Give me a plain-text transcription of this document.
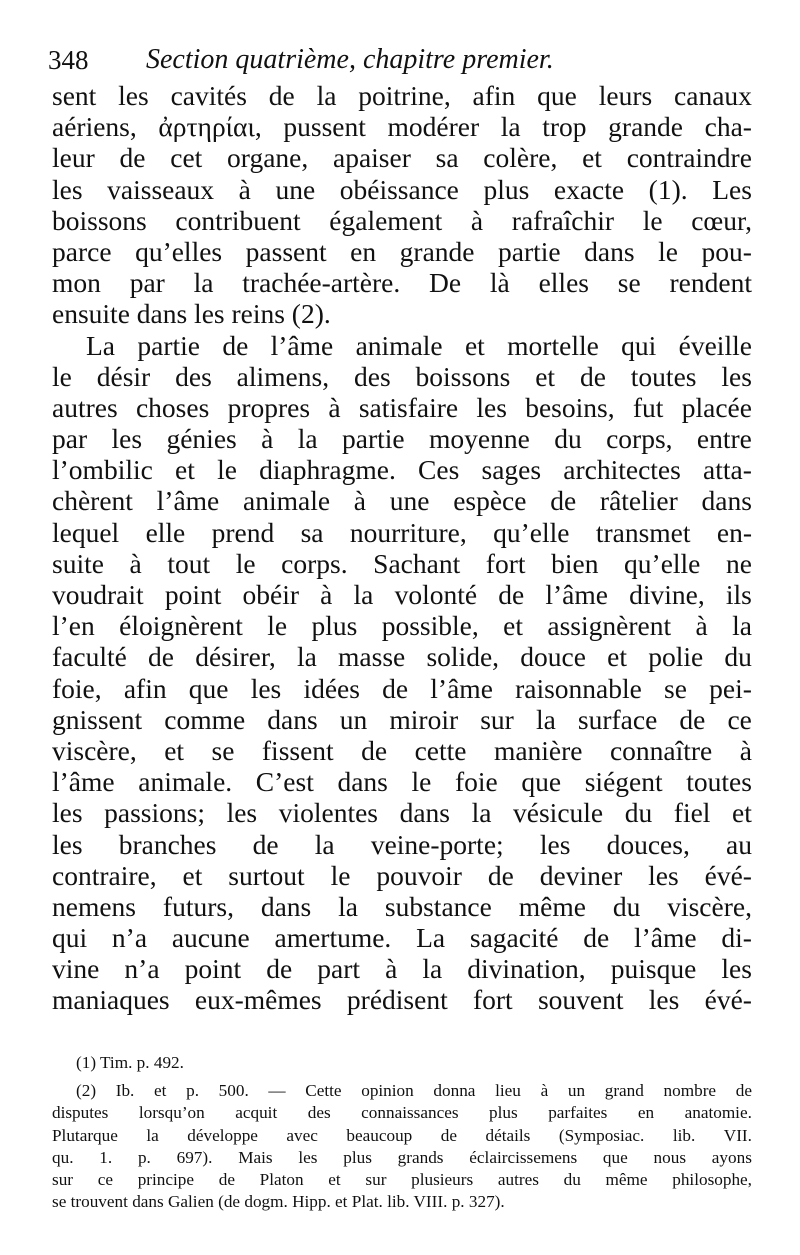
348 Section quatrième, chapitre premier.
sent les cavités de la poitrine, afin que leurs canaux
aériens, ἀρτηρίαι, pussent modérer la trop grande cha-
leur de cet organe, apaiser sa colère, et contraindre
les vaisseaux à une obéissance plus exacte (1). Les
boissons contribuent également à rafraîchir le cœur,
parce qu’elles passent en grande partie dans le pou-
mon par la trachée-artère. De là elles se rendent
ensuite dans les reins (2).
La partie de l’âme animale et mortelle qui éveille
le désir des alimens, des boissons et de toutes les
autres choses propres à satisfaire les besoins, fut placée
par les génies à la partie moyenne du corps, entre
l’ombilic et le diaphragme. Ces sages architectes atta-
chèrent l’âme animale à une espèce de râtelier dans
lequel elle prend sa nourriture, qu’elle transmet en-
suite à tout le corps. Sachant fort bien qu’elle ne
voudrait point obéir à la volonté de l’âme divine, ils
l’en éloignèrent le plus possible, et assignèrent à la
faculté de désirer, la masse solide, douce et polie du
foie, afin que les idées de l’âme raisonnable se pei-
gnissent comme dans un miroir sur la surface de ce
viscère, et se fissent de cette manière connaître à
l’âme animale. C’est dans le foie que siégent toutes
les passions; les violentes dans la vésicule du fiel et
les branches de la veine-porte; les douces, au
contraire, et surtout le pouvoir de deviner les évé-
nemens futurs, dans la substance même du viscère,
qui n’a aucune amertume. La sagacité de l’âme di-
vine n’a point de part à la divination, puisque les
maniaques eux-mêmes prédisent fort souvent les évé-
(1) Tim. p. 492.
(2) Ib. et p. 500. — Cette opinion donna lieu à un grand nombre de
disputes lorsqu’on acquit des connaissances plus parfaites en anatomie.
Plutarque la développe avec beaucoup de détails (Symposiac. lib. VII.
qu. 1. p. 697). Mais les plus grands éclaircissemens que nous ayons
sur ce principe de Platon et sur plusieurs autres du même philosophe,
se trouvent dans Galien (de dogm. Hipp. et Plat. lib. VIII. p. 327).
